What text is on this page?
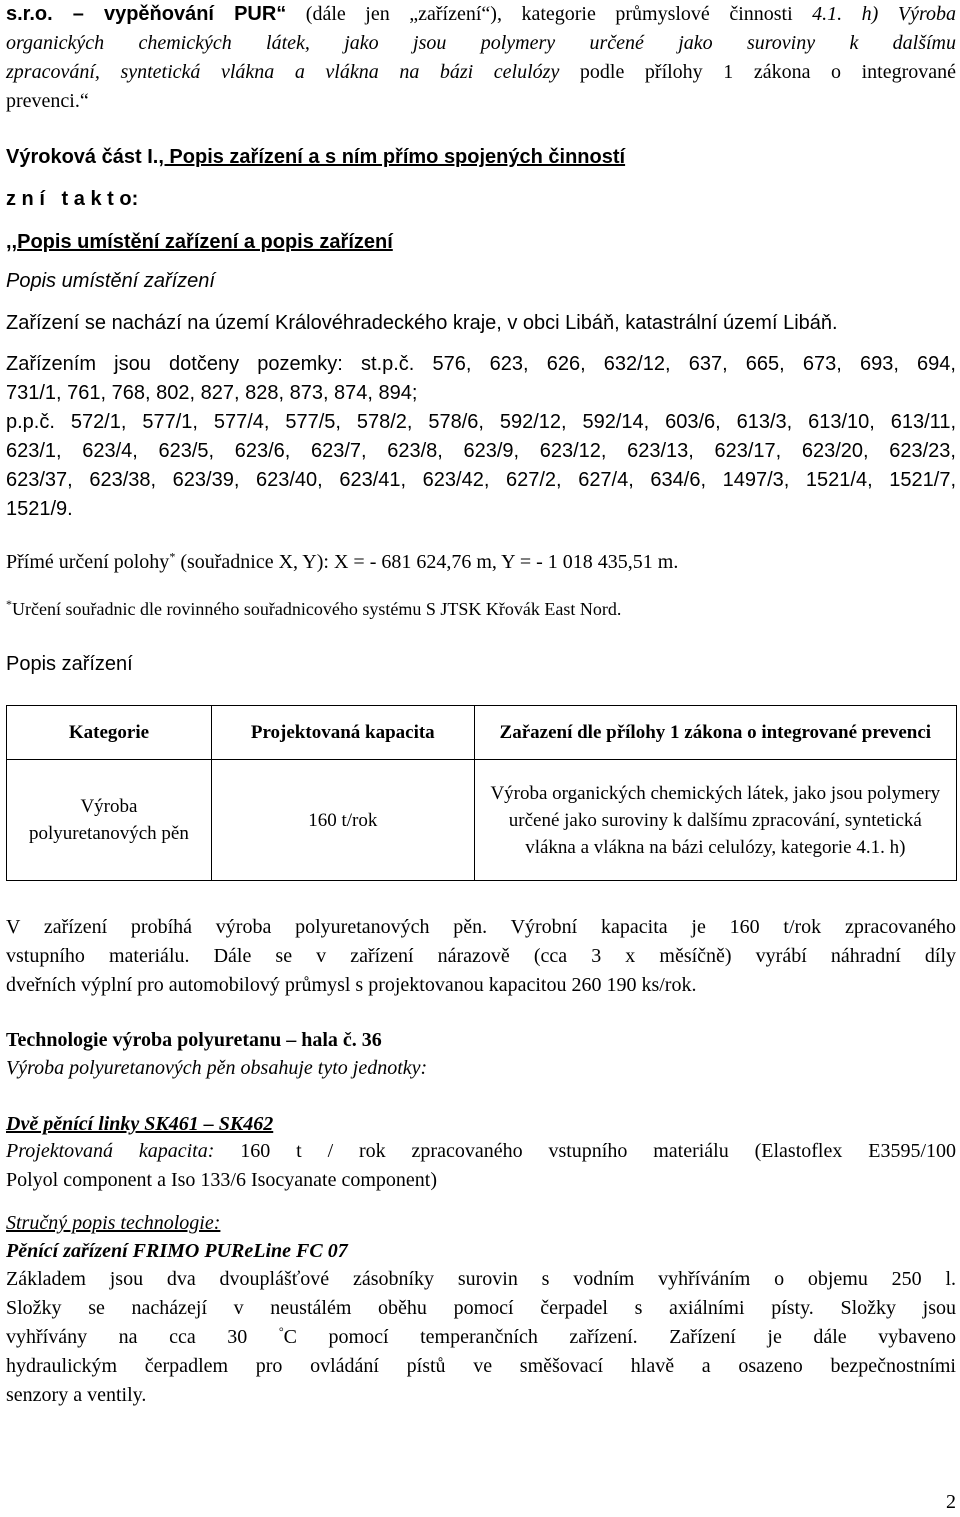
s.r.o. – vypěňování PUR“ (dále jen „zařízení“), kategorie průmyslové činnosti 4.1. h) Výroba

organických chemických látek, jako jsou polymery určené jako suroviny k dalšímu

zpracování, syntetická vlákna a vlákna na bázi celulózy podle přílohy 1 zákona o integrované

prevenci.“

Výroková část I., Popis zařízení a s ním přímo spojených činností

z n í   t a k t o:

,,Popis umístění zařízení a popis zařízení

Popis umístění zařízení

Zařízení se nachází na území Královéhradeckého kraje, v obci Libáň, katastrální území Libáň.

Zařízením jsou dotčeny pozemky: st.p.č. 576, 623, 626, 632/12, 637, 665, 673, 693, 694,

731/1, 761, 768, 802, 827, 828, 873, 874, 894;

p.p.č. 572/1, 577/1, 577/4, 577/5, 578/2, 578/6, 592/12, 592/14, 603/6, 613/3, 613/10, 613/11,

623/1, 623/4, 623/5, 623/6, 623/7, 623/8, 623/9, 623/12, 623/13, 623/17, 623/20, 623/23,

623/37, 623/38, 623/39, 623/40, 623/41, 623/42, 627/2, 627/4, 634/6, 1497/3, 1521/4, 1521/7,

1521/9.

Přímé určení polohy* (souřadnice X, Y): X = - 681 624,76 m, Y = - 1 018 435,51 m.

*Určení souřadnic dle rovinného souřadnicového systému S JTSK Křovák East Nord.

Popis zařízení

Kategorie	Projektovaná kapacita	Zařazení dle přílohy 1 zákona o integrované prevenci
Výroba polyuretanových pěn	160 t/rok	Výroba organických chemických látek, jako jsou polymery určené jako suroviny k dalšímu zpracování, syntetická vlákna a vlákna na bázi celulózy, kategorie 4.1. h)

V zařízení probíhá výroba polyuretanových pěn. Výrobní kapacita je 160 t/rok zpracovaného

vstupního materiálu. Dále se v zařízení nárazově (cca 3 x měsíčně) vyrábí náhradní díly

dveřních výplní pro automobilový průmysl s projektovanou kapacitou 260 190 ks/rok.

Technologie výroba polyuretanu – hala č. 36

Výroba polyuretanových pěn obsahuje tyto jednotky:

Dvě pěnící linky SK461 – SK462

Projektovaná kapacita: 160 t / rok zpracovaného vstupního materiálu (Elastoflex E3595/100

Polyol component a Iso 133/6 Isocyanate component)

Stručný popis technologie:

Pěnící zařízení FRIMO PUReLine FC 07

Základem jsou dva dvouplášťové zásobníky surovin s vodním vyhříváním o objemu 250 l.

Složky se nacházejí v neustálém oběhu pomocí čerpadel s axiálními písty. Složky jsou

vyhřívány na cca 30 °C pomocí temperančních zařízení. Zařízení je dále vybaveno

hydraulickým čerpadlem pro ovládání pístů ve směšovací hlavě a osazeno bezpečnostními

senzory a ventily.

2
